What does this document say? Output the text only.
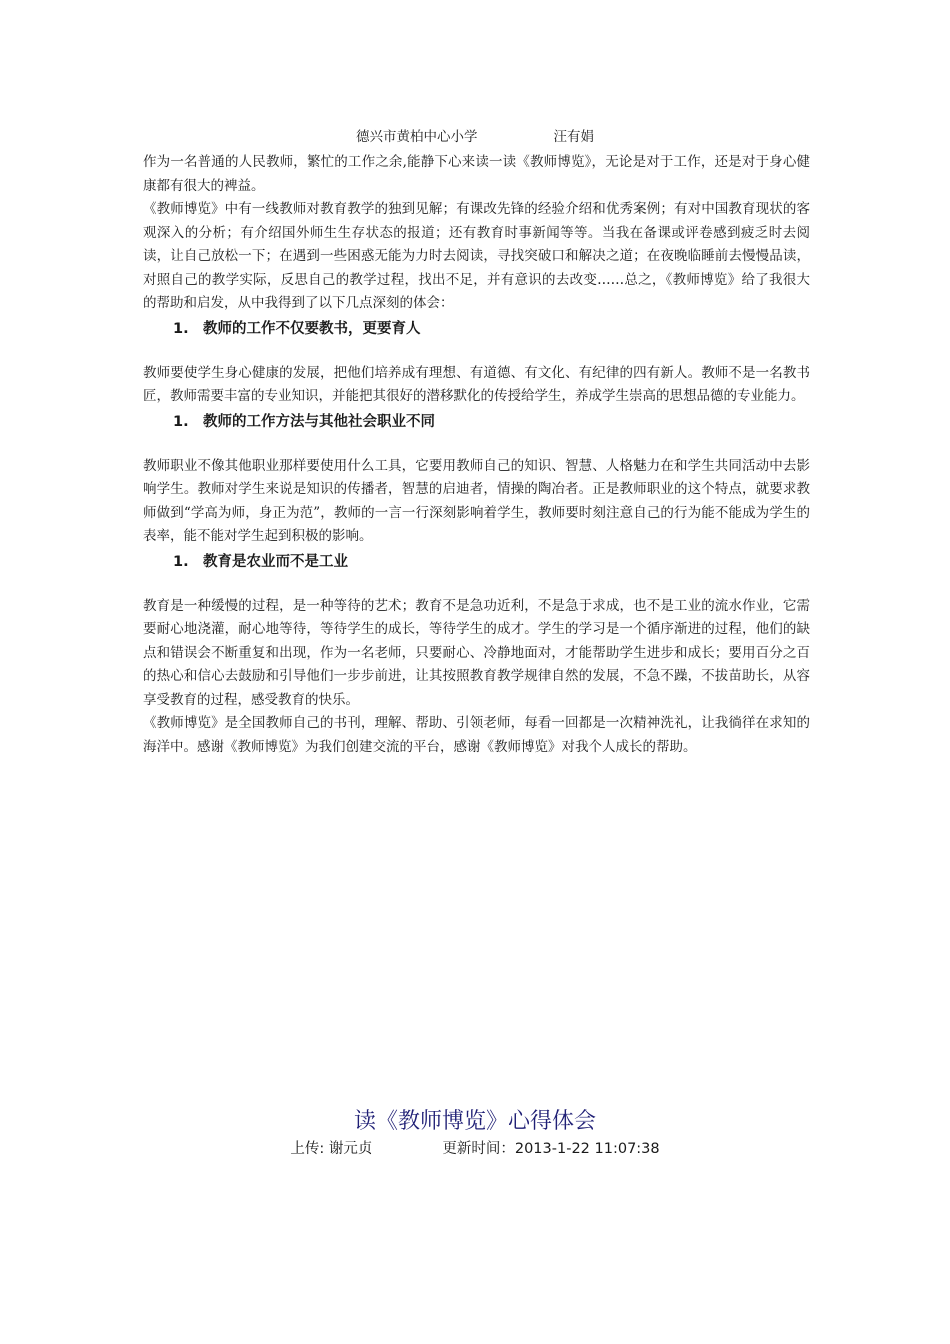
德兴市黄柏中心小学	汪有娟

作为一名普通的人民教师，繁忙的工作之余,能静下心来读一读《教师博览》，无论是对于工作，还是对于身心健康都有很大的裨益。

《教师博览》中有一线教师对教育教学的独到见解；有课改先锋的经验介绍和优秀案例；有对中国教育现状的客观深入的分析；有介绍国外师生生存状态的报道；还有教育时事新闻等等。当我在备课或评卷感到疲乏时去阅读，让自己放松一下；在遇到一些困惑无能为力时去阅读，寻找突破口和解决之道；在夜晚临睡前去慢慢品读，对照自己的教学实际，反思自己的教学过程，找出不足，并有意识的去改变……总之，《教师博览》给了我很大的帮助和启发，从中我得到了以下几点深刻的体会：

1. 教师的工作不仅要教书，更要育人

教师要使学生身心健康的发展，把他们培养成有理想、有道德、有文化、有纪律的四有新人。教师不是一名教书匠，教师需要丰富的专业知识，并能把其很好的潜移默化的传授给学生，养成学生崇高的思想品德的专业能力。

1. 教师的工作方法与其他社会职业不同

教师职业不像其他职业那样要使用什么工具，它要用教师自己的知识、智慧、人格魅力在和学生共同活动中去影响学生。教师对学生来说是知识的传播者，智慧的启迪者，情操的陶冶者。正是教师职业的这个特点，就要求教师做到“学高为师，身正为范”，教师的一言一行深刻影响着学生，教师要时刻注意自己的行为能不能成为学生的表率，能不能对学生起到积极的影响。

1. 教育是农业而不是工业

教育是一种缓慢的过程，是一种等待的艺术；教育不是急功近利，不是急于求成，也不是工业的流水作业，它需要耐心地浇灌，耐心地等待，等待学生的成长，等待学生的成才。学生的学习是一个循序渐进的过程，他们的缺点和错误会不断重复和出现，作为一名老师，只要耐心、冷静地面对，才能帮助学生进步和成长；要用百分之百的热心和信心去鼓励和引导他们一步步前进，让其按照教育教学规律自然的发展，不急不躁，不拔苗助长，从容享受教育的过程，感受教育的快乐。

《教师博览》是全国教师自己的书刊，理解、帮助、引领老师，每看一回都是一次精神洗礼，让我徜徉在求知的海洋中。感谢《教师博览》为我们创建交流的平台，感谢《教师博览》对我个人成长的帮助。

读《教师博览》心得体会
上传: 谢元贞	更新时间：2013-1-22 11:07:38
